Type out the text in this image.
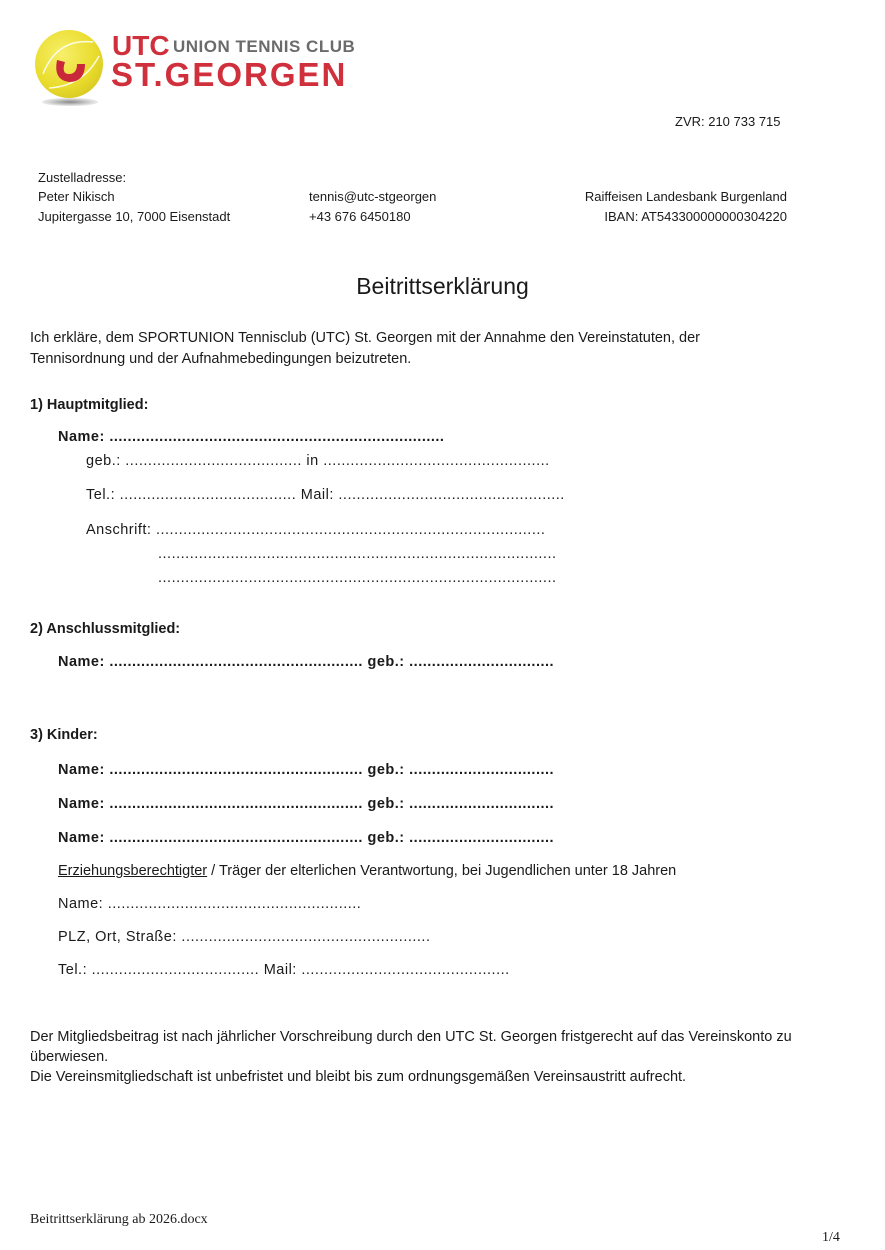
UTC UNION TENNIS CLUB
ST.GEORGEN
ZVR: 210 733 715
Zustelladresse:
Peter Nikisch
Jupitergasse 10, 7000 Eisenstadt
tennis@utc-stgeorgen
+43 676 6450180
Raiffeisen Landesbank Burgenland
IBAN: AT543300000000304220
Beitrittserklärung
Ich erkläre, dem SPORTUNION Tennisclub (UTC) St. Georgen mit der Annahme den Vereinstatuten, der
Tennisordnung und der Aufnahmebedingungen beizutreten.
1) Hauptmitglied:
Name: ..........................................................................
geb.: ....................................... in ..................................................
Tel.: ....................................... Mail: ..................................................
Anschrift: ......................................................................................
........................................................................................
........................................................................................
2) Anschlussmitglied:
Name: ........................................................ geb.: ................................
3) Kinder:
Name: ........................................................ geb.: ................................
Name: ........................................................ geb.: ................................
Name: ........................................................ geb.: ................................
Erziehungsberechtigter / Träger der elterlichen Verantwortung, bei Jugendlichen unter 18 Jahren
Name: ........................................................
PLZ, Ort, Straße: .......................................................
Tel.: ..................................... Mail: ..............................................
Der Mitgliedsbeitrag ist nach jährlicher Vorschreibung durch den UTC St. Georgen fristgerecht auf das Vereinskonto zu
überwiesen.
Die Vereinsmitgliedschaft ist unbefristet und bleibt bis zum ordnungsgemäßen Vereinsaustritt aufrecht.
Beitrittserklärung ab 2026.docx
1/4
